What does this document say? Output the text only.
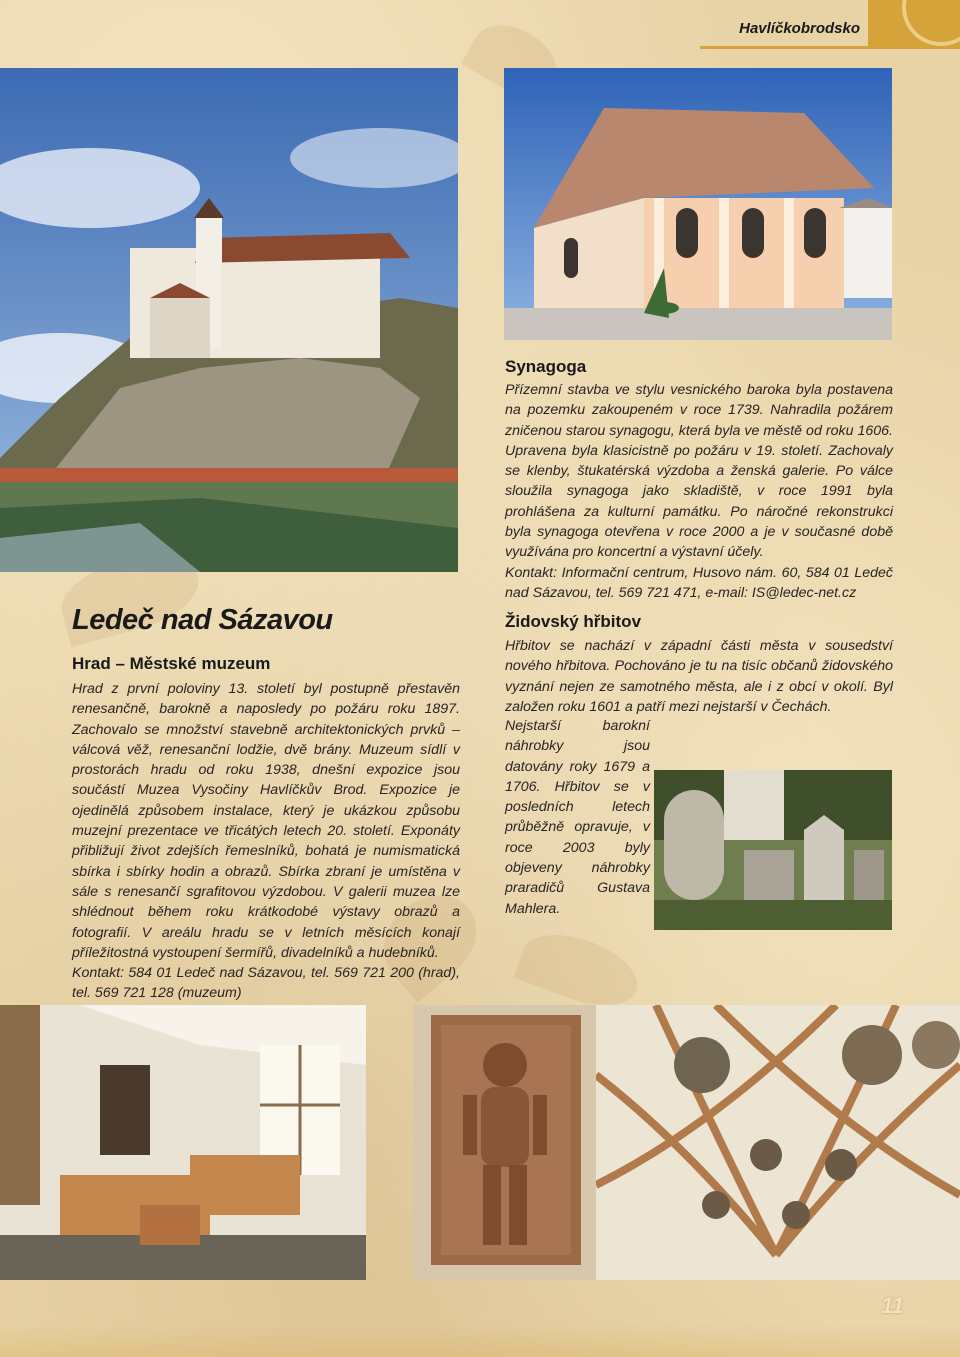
Havlíčkobrodsko
Ledeč nad Sázavou
Hrad – Městské muzeum

Hrad z první poloviny 13. století byl postupně přestavěn renesančně, barokně a naposledy po požáru roku 1897. Zachovalo se množství stavebně architektonických prvků – válcová věž, renesanční lodžie, dvě brány. Muzeum sídlí v prostorách hradu od roku 1938, dnešní expozice jsou součástí Muzea Vysočiny Havlíčkův Brod. Expozice je ojedinělá způsobem instalace, který je ukázkou způsobu muzejní prezentace ve třicátých letech 20. století. Exponáty přibližují život zdejších řemeslníků, bohatá je numismatická sbírka i sbírky hodin a obrazů. Sbírka zbraní je umístěna v sále s renesančí sgrafitovou výzdobou. V galerii muzea lze shlédnout během roku krátkodobé výstavy obrazů a fotografií. V areálu hradu se v letních měsících konají příležitostná vystoupení šermířů, divadelníků a hudebníků.

Kontakt: 584 01 Ledeč nad Sázavou, tel. 569 721 200 (hrad), tel. 569 721 128 (muzeum)

Synagoga

Přízemní stavba ve stylu vesnického baroka byla postavena na pozemku zakoupeném v roce 1739. Nahradila požárem zničenou starou synagogu, která byla ve městě od roku 1606. Upravena byla klasicistně po požáru v 19. století. Zachovaly se klenby, štukatérská výzdoba a ženská galerie. Po válce sloužila synagoga jako skladiště, v roce 1991 byla prohlášena za kulturní památku. Po náročné rekonstrukci byla synagoga otevřena v roce 2000 a je v současné době využívána pro koncertní a výstavní účely.

Kontakt: Informační centrum, Husovo nám. 60, 584 01 Ledeč nad Sázavou, tel. 569 721 471, e-mail: IS@ledec-net.cz

Židovský hřbitov
Hřbitov se nachází v západní části města v sousedství nového hřbitova. Pochováno je tu na tisíc občanů židovského vyznání nejen ze samotného města, ale i z obcí v okolí. Byl založen roku 1601 a patří mezi nejstarší v Čechách.
Nejstarší barokní náhrobky jsou datovány roky 1679 a 1706. Hřbitov se v posledních letech průběžně opravuje, v roce 2003 byly objeveny náhrobky praradičů Gustava Mahlera.
11
